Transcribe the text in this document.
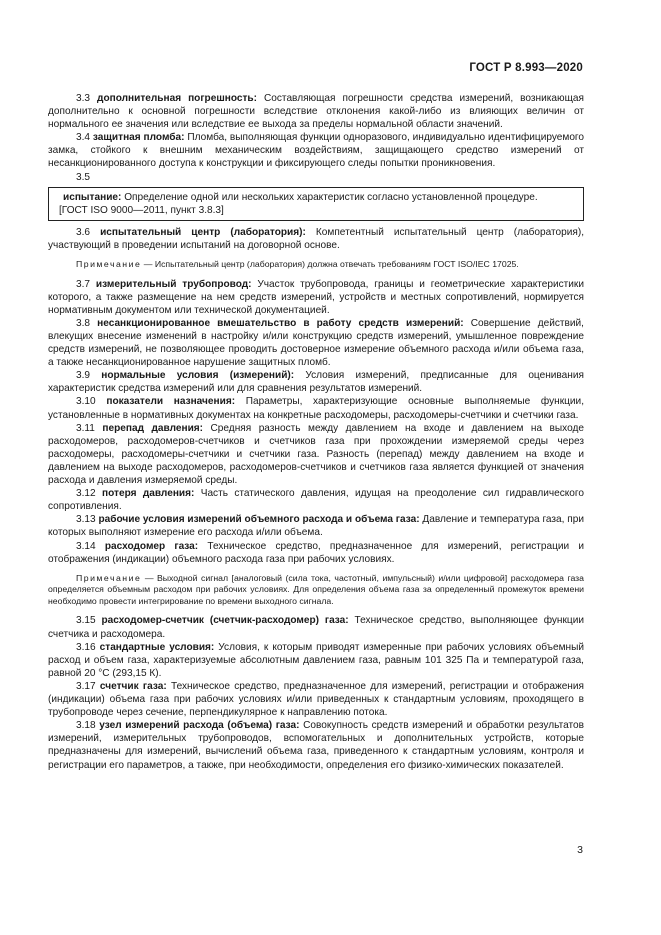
ГОСТ Р 8.993—2020

3.3 дополнительная погрешность: Составляющая погрешности средства измерений, возникающая дополнительно к основной погрешности вследствие отклонения какой-либо из влияющих величин от нормального ее значения или вследствие ее выхода за пределы нормальной области значений.

3.4 защитная пломба: Пломба, выполняющая функции одноразового, индивидуально идентифицируемого замка, стойкого к внешним механическим воздействиям, защищающего средство измерений от несанкционированного доступа к конструкции и фиксирующего следы попытки проникновения.

3.5

испытание: Определение одной или нескольких характеристик согласно установленной процедуре.

[ГОСТ ISO 9000—2011, пункт 3.8.3]

3.6 испытательный центр (лаборатория): Компетентный испытательный центр (лаборатория), участвующий в проведении испытаний на договорной основе.

Примечание — Испытательный центр (лаборатория) должна отвечать требованиям ГОСТ ISO/IEC 17025.

3.7 измерительный трубопровод: Участок трубопровода, границы и геометрические характеристики которого, а также размещение на нем средств измерений, устройств и местных сопротивлений, нормируется нормативным документом или технической документацией.

3.8 несанкционированное вмешательство в работу средств измерений: Совершение действий, влекущих внесение изменений в настройку и/или конструкцию средств измерений, умышленное повреждение средств измерений, не позволяющее проводить достоверное измерение объемного расхода и/или объема газа, а также несанкционированное нарушение защитных пломб.

3.9 нормальные условия (измерений): Условия измерений, предписанные для оценивания характеристик средства измерений или для сравнения результатов измерений.

3.10 показатели назначения: Параметры, характеризующие основные выполняемые функции, установленные в нормативных документах на конкретные расходомеры, расходомеры-счетчики и счетчики газа.

3.11 перепад давления: Средняя разность между давлением на входе и давлением на выходе расходомеров, расходомеров-счетчиков и счетчиков газа при прохождении измеряемой среды через расходомеры, расходомеры-счетчики и счетчики газа. Разность (перепад) между давлением на входе и давлением на выходе расходомеров, расходомеров-счетчиков и счетчиков газа является функцией от значения расхода и давления измеряемой среды.

3.12 потеря давления: Часть статического давления, идущая на преодоление сил гидравлического сопротивления.

3.13 рабочие условия измерений объемного расхода и объема газа: Давление и температура газа, при которых выполняют измерение его расхода и/или объема.

3.14 расходомер газа: Техническое средство, предназначенное для измерений, регистрации и отображения (индикации) объемного расхода газа при рабочих условиях.

Примечание — Выходной сигнал [аналоговый (сила тока, частотный, импульсный) и/или цифровой] расходомера газа определяется объемным расходом при рабочих условиях. Для определения объема газа за определенный промежуток времени необходимо провести интегрирование по времени выходного сигнала.

3.15 расходомер-счетчик (счетчик-расходомер) газа: Техническое средство, выполняющее функции счетчика и расходомера.

3.16 стандартные условия: Условия, к которым приводят измеренные при рабочих условиях объемный расход и объем газа, характеризуемые абсолютным давлением газа, равным 101 325 Па и температурой газа, равной 20 °С (293,15 К).

3.17 счетчик газа: Техническое средство, предназначенное для измерений, регистрации и отображения (индикации) объема газа при рабочих условиях и/или приведенных к стандартным условиям, проходящего в трубопроводе через сечение, перпендикулярное к направлению потока.

3.18 узел измерений расхода (объема) газа: Совокупность средств измерений и обработки результатов измерений, измерительных трубопроводов, вспомогательных и дополнительных устройств, которые предназначены для измерений, вычислений объема газа, приведенного к стандартным условиям, контроля и регистрации его параметров, а также, при необходимости, определения его физико-химических показателей.

3
